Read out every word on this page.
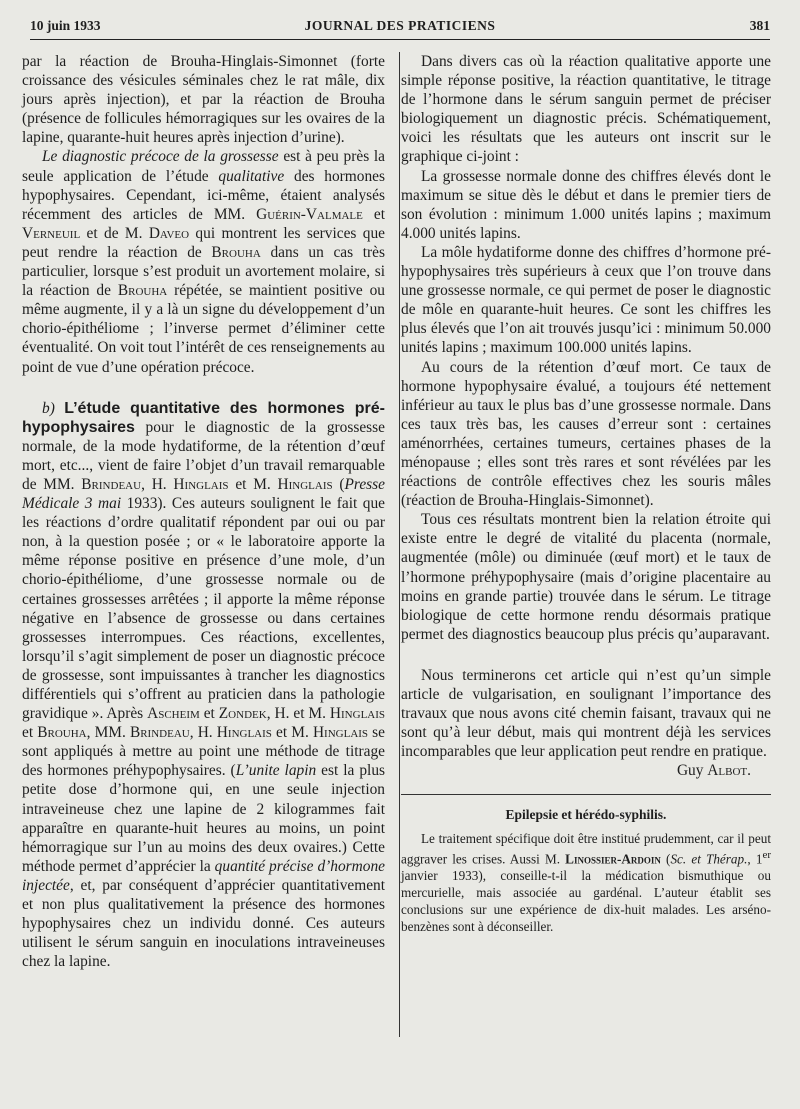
10 juin 1933	JOURNAL DES PRATICIENS	381

par la réaction de Brouha-Hinglais-Simonnet (forte croissance des vésicules séminales chez le rat mâle, dix jours après injection), et par la réaction de Brouha (présence de follicules hémorragiques sur les ovaires de la lapine, quarante-huit heures après injection d’urine).

Le diagnostic précoce de la grossesse est à peu près la seule application de l’étude qualitative des hormones hypophysaires. Cependant, ici-même, étaient analysés récemment des articles de MM. Guérin-Valmale et Verneuil et de M. Daveo qui montrent les services que peut rendre la réaction de Brouha dans un cas très particulier, lorsque s’est produit un avortement molaire, si la réaction de Brouha répétée, se maintient positive ou même augmente, il y a là un signe du développement d’un chorio-épithéliome ; l’inverse permet d’éliminer cette éventualité. On voit tout l’intérêt de ces renseignements au point de vue d’une opération précoce.

b) L’étude quantitative des hormones pré-hypophysaires pour le diagnostic de la grossesse normale, de la mode hydatiforme, de la rétention d’œuf mort, etc..., vient de faire l’objet d’un travail remarquable de MM. Brindeau, H. Hinglais et M. Hinglais (Presse Médicale 3 mai 1933). Ces auteurs soulignent le fait que les réactions d’ordre qualitatif répondent par oui ou par non, à la question posée ; or « le laboratoire apporte la même réponse positive en présence d’une mole, d’un chorio-épithéliome, d’une grossesse normale ou de certaines grossesses arrêtées ; il apporte la même réponse négative en l’absence de grossesse ou dans certaines grossesses interrompues. Ces réactions, excellentes, lorsqu’il s’agit simplement de poser un diagnostic précoce de grossesse, sont impuissantes à trancher les diagnostics différentiels qui s’offrent au praticien dans la pathologie gravidique ». Après Ascheim et Zondek, H. et M. Hinglais et Brouha, MM. Brindeau, H. Hinglais et M. Hinglais se sont appliqués à mettre au point une méthode de titrage des hormones préhypophysaires. (L’unite lapin est la plus petite dose d’hormone qui, en une seule injection intraveineuse chez une lapine de 2 kilogrammes fait apparaître en quarante-huit heures au moins, un point hémorragique sur l’un au moins des deux ovaires.) Cette méthode permet d’apprécier la quantité précise d’hormone injectée, et, par conséquent d’apprécier quantitativement et non plus qualitativement la présence des hormones hypophysaires chez un individu donné. Ces auteurs utilisent le sérum sanguin en inoculations intraveineuses chez la lapine.

Dans divers cas où la réaction qualitative apporte une simple réponse positive, la réaction quantitative, le titrage de l’hormone dans le sérum sanguin permet de préciser biologiquement un diagnostic précis. Schématiquement, voici les résultats que les auteurs ont inscrit sur le graphique ci-joint :

La grossesse normale donne des chiffres élevés dont le maximum se situe dès le début et dans le premier tiers de son évolution : minimum 1.000 unités lapins ; maximum 4.000 unités lapins.

La môle hydatiforme donne des chiffres d’hormone pré-hypophysaires très supérieurs à ceux que l’on trouve dans une grossesse normale, ce qui permet de poser le diagnostic de môle en quarante-huit heures. Ce sont les chiffres les plus élevés que l’on ait trouvés jusqu’ici : minimum 50.000 unités lapins ; maximum 100.000 unités lapins.

Au cours de la rétention d’œuf mort. Ce taux de hormone hypophysaire évalué, a toujours été nettement inférieur au taux le plus bas d’une grossesse normale. Dans ces taux très bas, les causes d’erreur sont : certaines aménorrhées, certaines tumeurs, certaines phases de la ménopause ; elles sont très rares et sont révélées par les réactions de contrôle effectives chez les souris mâles (réaction de Brouha-Hinglais-Simonnet).

Tous ces résultats montrent bien la relation étroite qui existe entre le degré de vitalité du placenta (normale, augmentée (môle) ou diminuée (œuf mort) et le taux de l’hormone préhypophysaire (mais d’origine placentaire au moins en grande partie) trouvée dans le sérum. Le titrage biologique de cette hormone rendu désormais pratique permet des diagnostics beaucoup plus précis qu’auparavant.

Nous terminerons cet article qui n’est qu’un simple article de vulgarisation, en soulignant l’importance des travaux que nous avons cité chemin faisant, travaux qui ne sont qu’à leur début, mais qui montrent déjà les services incomparables que leur application peut rendre en pratique.

Guy Albot.
Epilepsie et hérédo-syphilis.
Le traitement spécifique doit être institué prudemment, car il peut aggraver les crises. Aussi M. Linossier-Ardoin (Sc. et Thérap., 1er janvier 1933), conseille-t-il la médication bismuthique ou mercurielle, mais associée au gardénal. L’auteur établit ses conclusions sur une expérience de dix-huit malades. Les arséno-benzènes sont à déconseiller.
